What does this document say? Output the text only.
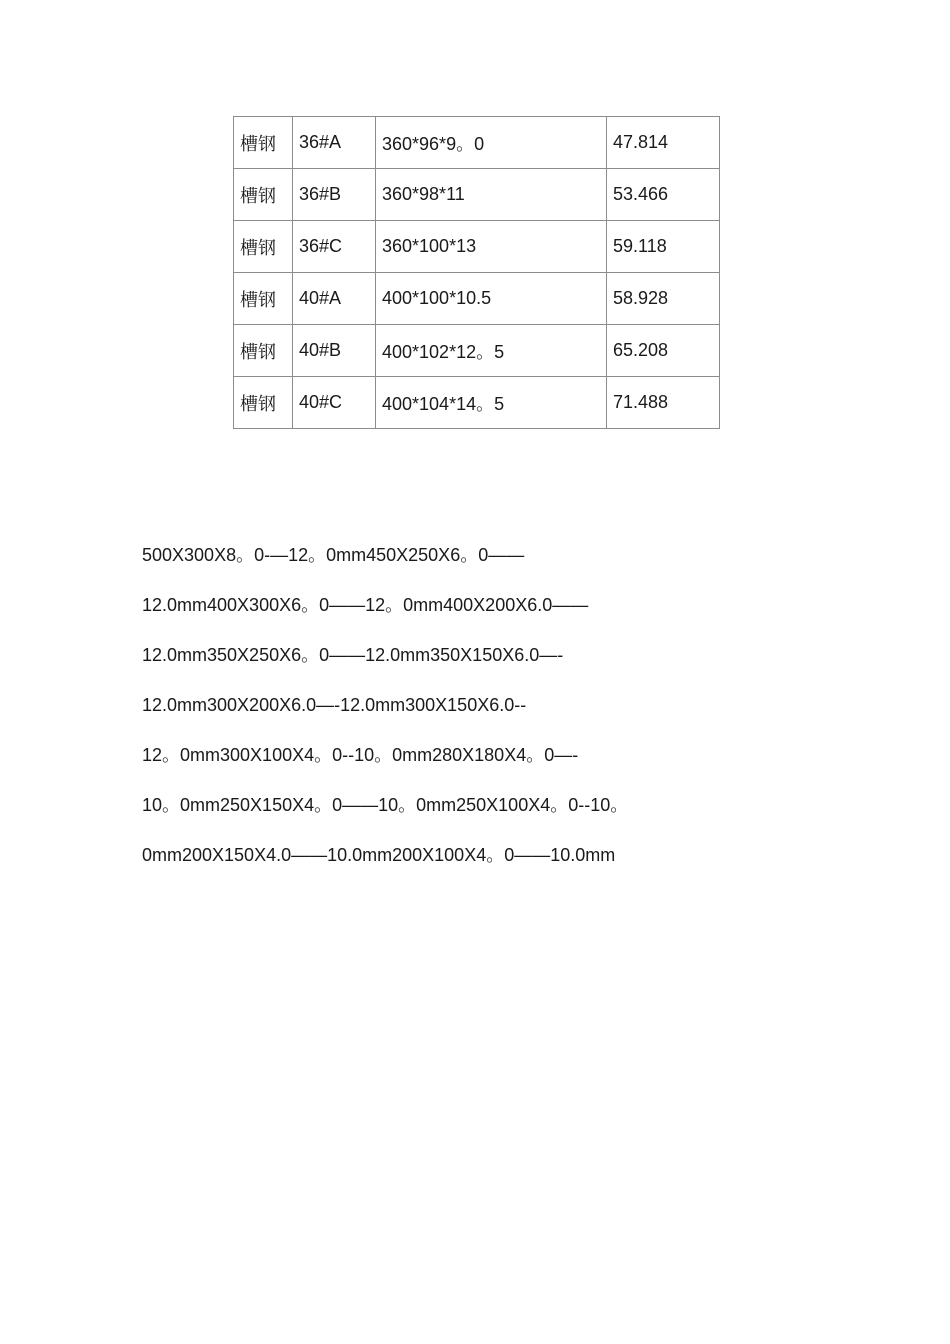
槽钢	36#A	360*96*9。0	47.814
槽钢	36#B	360*98*11	53.466
槽钢	36#C	360*100*13	59.118
槽钢	40#A	400*100*10.5	58.928
槽钢	40#B	400*102*12。5	65.208
槽钢	40#C	400*104*14。5	71.488
500X300X8。0-—12。0mm450X250X6。0——
12.0mm400X300X6。0——12。0mm400X200X6.0——
12.0mm350X250X6。0——12.0mm350X150X6.0—-
12.0mm300X200X6.0—-12.0mm300X150X6.0--
12。0mm300X100X4。0--10。0mm280X180X4。0—-
10。0mm250X150X4。0——10。0mm250X100X4。0--10。
0mm200X150X4.0——10.0mm200X100X4。0——10.0mm
